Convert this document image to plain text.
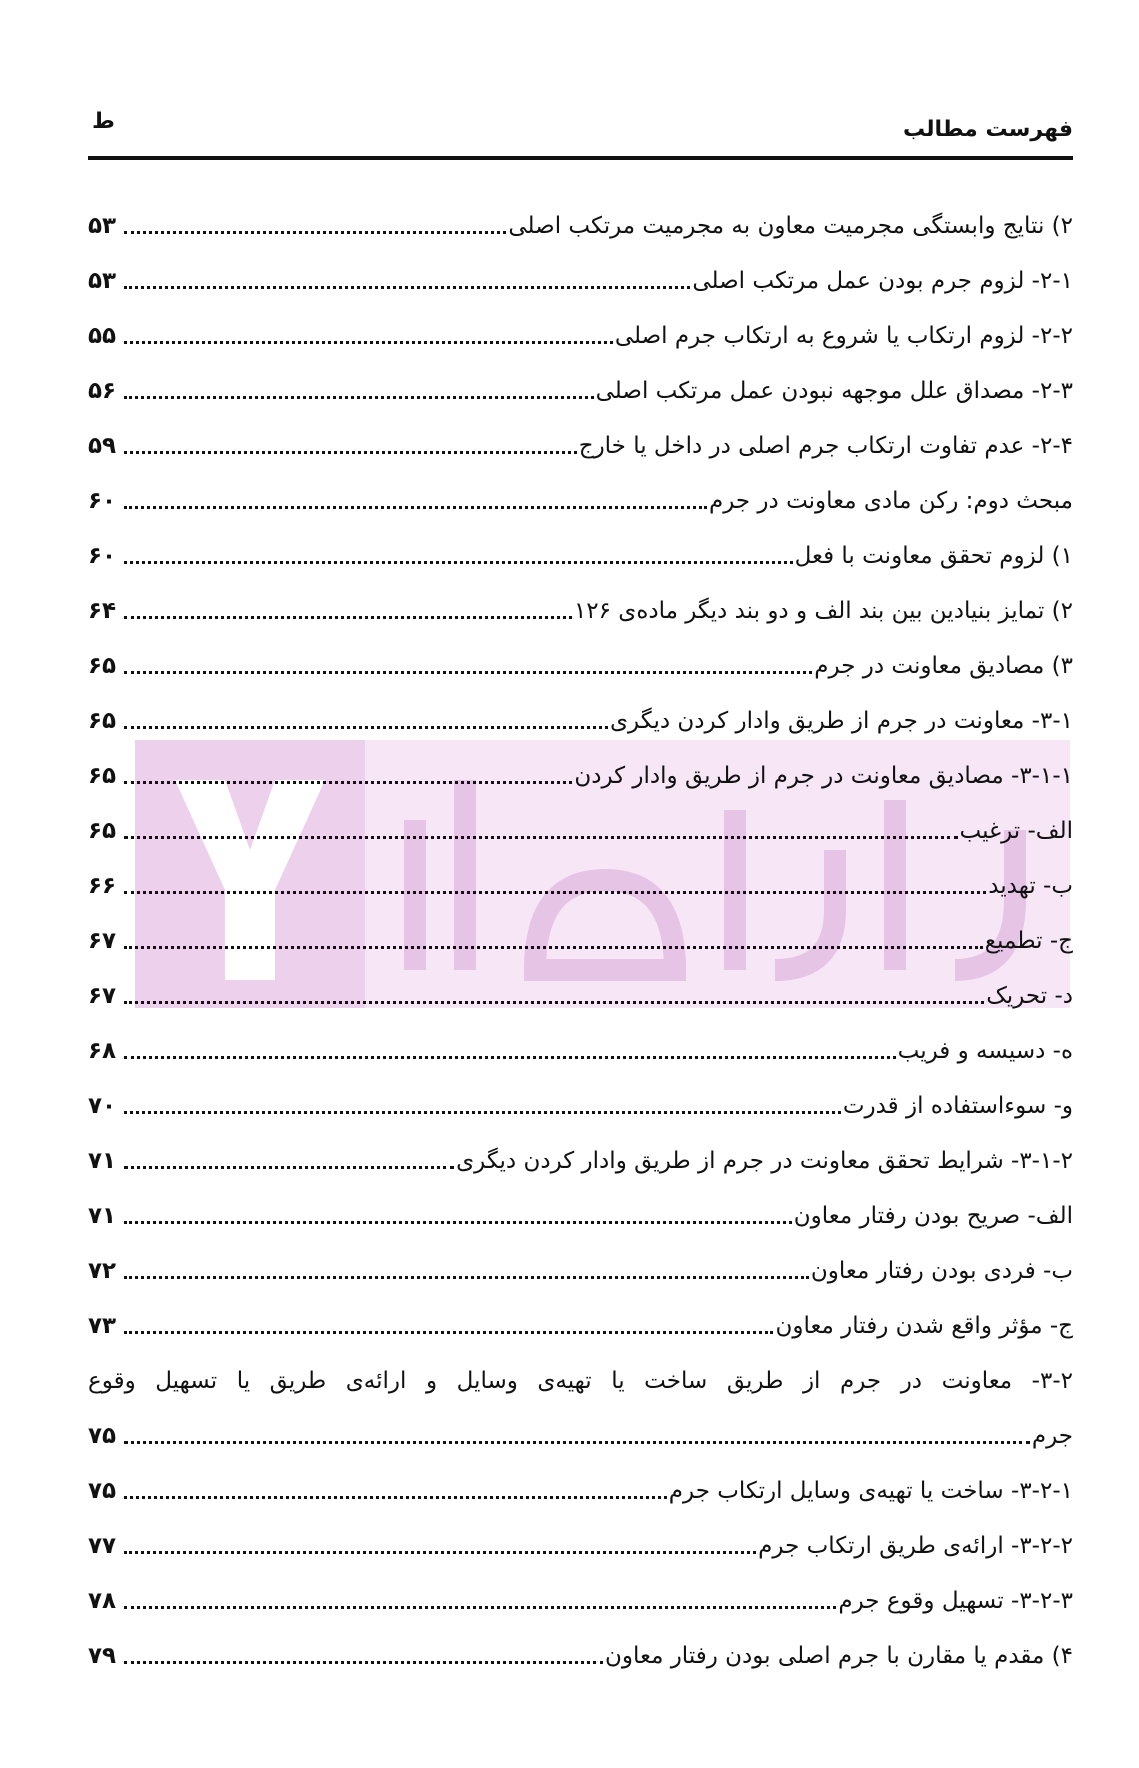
فهرست مطالب
ط
۲) نتایج وابستگی مجرمیت معاون به مجرمیت مرتکب اصلی
۵۳
۲-۱- لزوم جرم بودن عمل مرتکب اصلی
۵۳
۲-۲- لزوم ارتکاب یا شروع به ارتکاب جرم اصلی
۵۵
۲-۳- مصداق علل موجهه نبودن عمل مرتکب اصلی
۵۶
۲-۴- عدم تفاوت ارتکاب جرم اصلی در داخل یا خارج
۵۹
مبحث دوم: رکن مادی معاونت در جرم
۶۰
۱) لزوم تحقق معاونت با فعل
۶۰
۲) تمایز بنیادین بین بند الف و دو بند دیگر ماده‌ی ۱۲۶
۶۴
۳) مصادیق معاونت در جرم
۶۵
۳-۱- معاونت در جرم از طریق وادار کردن دیگری
۶۵
۳-۱-۱- مصادیق معاونت در جرم از طریق وادار کردن
۶۵
الف- ترغیب
۶۵
ب- تهدید
۶۶
ج- تطمیع
۶۷
د- تحریک
۶۷
ه- دسیسه و فریب
۶۸
و- سوءاستفاده از قدرت
۷۰
۳-۱-۲- شرایط تحقق معاونت در جرم از طریق وادار کردن دیگری
۷۱
الف- صریح بودن رفتار معاون
۷۱
ب- فردی بودن رفتار معاون
۷۲
ج- مؤثر واقع شدن رفتار معاون
۷۳
۳-۲- معاونت در جرم از طریق ساخت یا تهیه‌ی وسایل و ارائه‌ی طریق یا تسهیل وقوع
جرم
۷۵
۳-۲-۱- ساخت یا تهیه‌ی وسایل ارتکاب جرم
۷۵
۳-۲-۲- ارائه‌ی طریق ارتکاب جرم
۷۷
۳-۲-۳- تسهیل وقوع جرم
۷۸
۴) مقدم یا مقارن با جرم اصلی بودن رفتار معاون
۷۹
